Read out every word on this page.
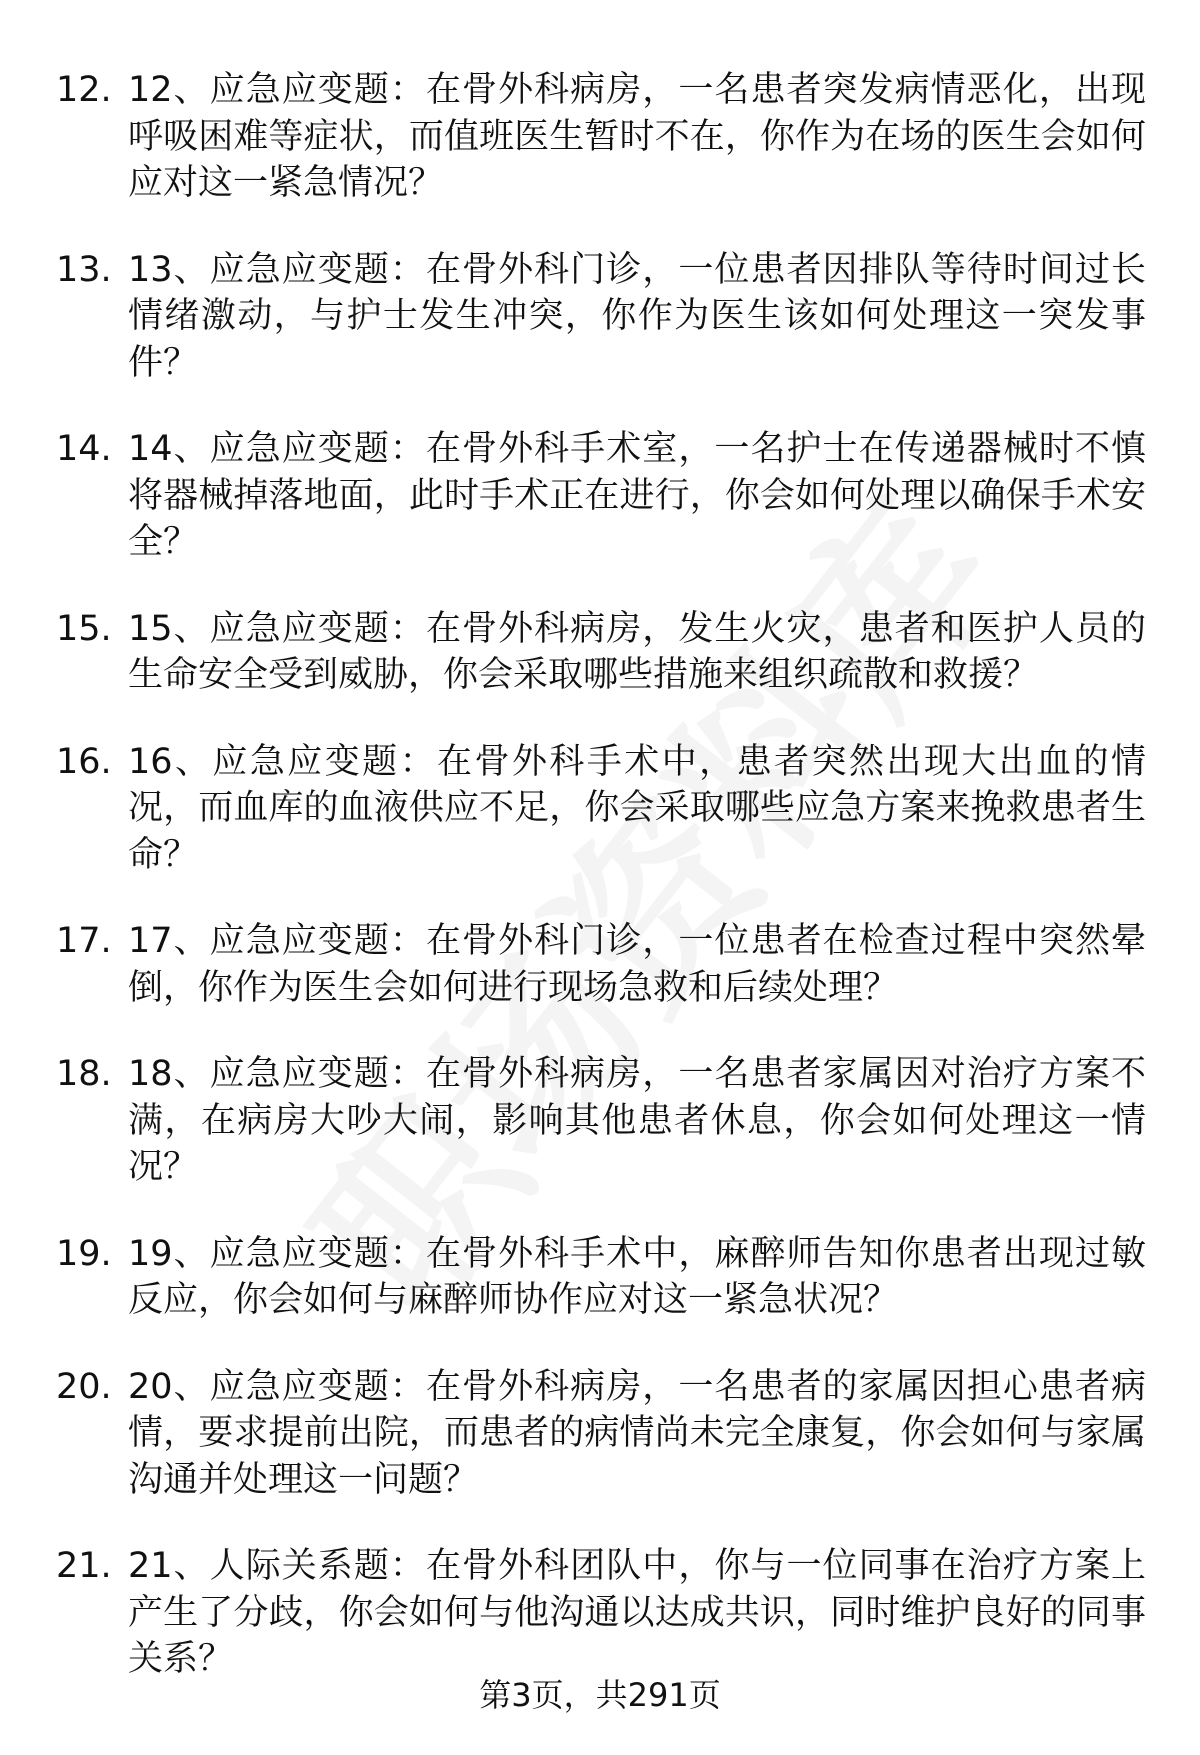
12. 12、应急应变题：在骨外科病房，一名患者突发病情恶化，出现呼吸困难等症状，而值班医生暂时不在，你作为在场的医生会如何应对这一紧急情况？
13. 13、应急应变题：在骨外科门诊，一位患者因排队等待时间过长情绪激动，与护士发生冲突，你作为医生该如何处理这一突发事件？
14. 14、应急应变题：在骨外科手术室，一名护士在传递器械时不慎将器械掉落地面，此时手术正在进行，你会如何处理以确保手术安全？
15. 15、应急应变题：在骨外科病房，发生火灾，患者和医护人员的生命安全受到威胁，你会采取哪些措施来组织疏散和救援？
16. 16、应急应变题：在骨外科手术中，患者突然出现大出血的情况，而血库的血液供应不足，你会采取哪些应急方案来挽救患者生命？
17. 17、应急应变题：在骨外科门诊，一位患者在检查过程中突然晕倒，你作为医生会如何进行现场急救和后续处理？
18. 18、应急应变题：在骨外科病房，一名患者家属因对治疗方案不满，在病房大吵大闹，影响其他患者休息，你会如何处理这一情况？
19. 19、应急应变题：在骨外科手术中，麻醉师告知你患者出现过敏反应，你会如何与麻醉师协作应对这一紧急状况？
20. 20、应急应变题：在骨外科病房，一名患者的家属因担心患者病情，要求提前出院，而患者的病情尚未完全康复，你会如何与家属沟通并处理这一问题？
21. 21、人际关系题：在骨外科团队中，你与一位同事在治疗方案上产生了分歧，你会如何与他沟通以达成共识，同时维护良好的同事关系？
第3页，共291页
